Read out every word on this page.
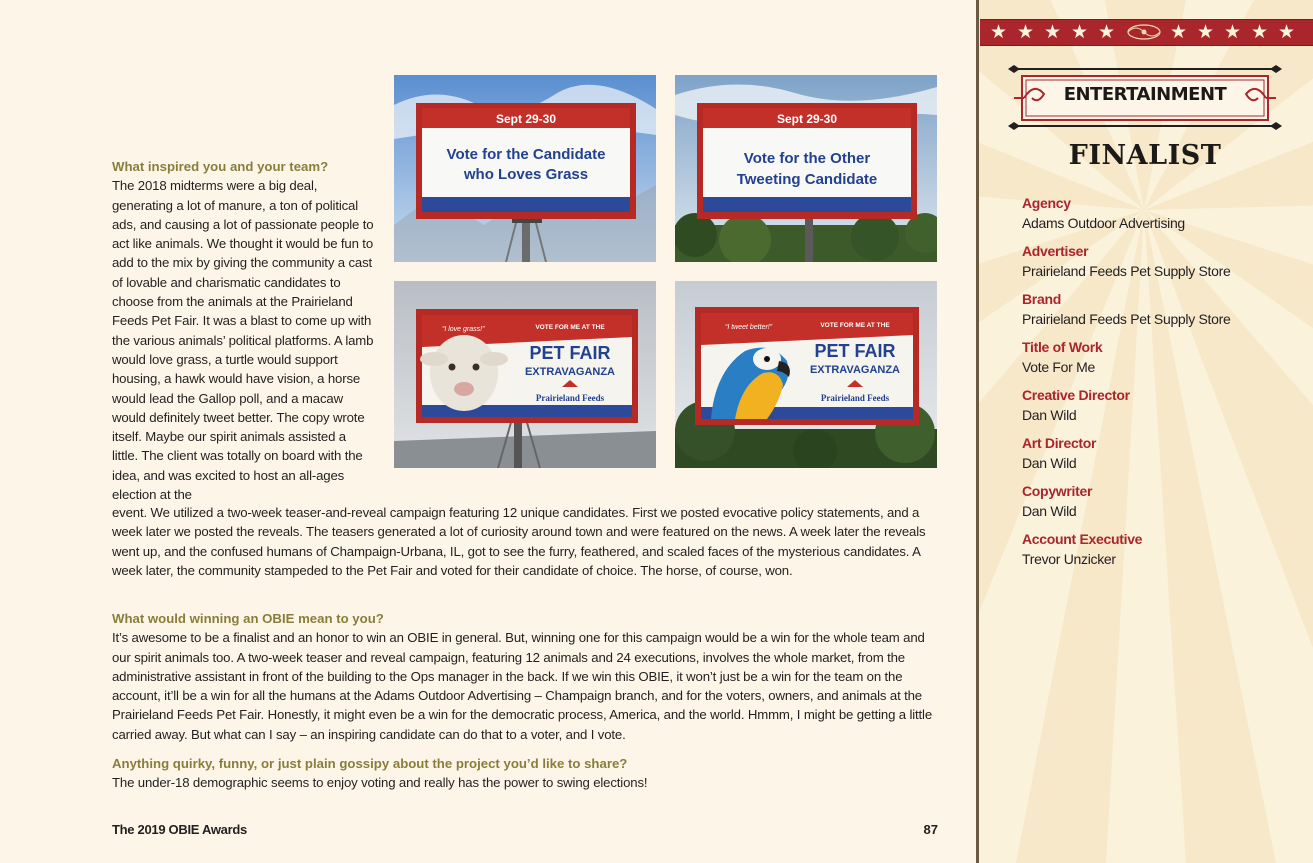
Sept 29-30
Vote for the Candidate
who Loves Grass
Sept 29-30
Vote for the Other
Tweeting Candidate
“I love grass!”	VOTE FOR ME AT THE
PET FAIR
EXTRAVAGANZA
Prairieland Feeds
“I tweet better!”	VOTE FOR ME AT THE
PET FAIR
EXTRAVAGANZA
Prairieland Feeds
What inspired you and your team?
The 2018 midterms were a big deal, generating a lot of manure, a ton of political ads, and causing a lot of passionate people to act like animals. We thought it would be fun to add to the mix by giving the community a cast of lovable and charismatic candidates to choose from the animals at the Prairieland Feeds Pet Fair. It was a blast to come up with the various animals’ political platforms. A lamb would love grass, a turtle would support housing, a hawk would have vision, a horse would lead the Gallop poll, and a macaw would definitely tweet better. The copy wrote itself. Maybe our spirit animals assisted a little. The client was totally on board with the idea, and was excited to host an all-ages election at the
event. We utilized a two-week teaser-and-reveal campaign featuring 12 unique candidates. First we posted evocative policy statements, and a week later we posted the reveals. The teasers generated a lot of curiosity around town and were featured on the news. A week later the reveals went up, and the confused humans of Champaign-Urbana, IL, got to see the furry, feathered, and scaled faces of the mysterious candidates. A week later, the community stampeded to the Pet Fair and voted for their candidate of choice. The horse, of course, won.
What would winning an OBIE mean to you?
It’s awesome to be a finalist and an honor to win an OBIE in general. But, winning one for this campaign would be a win for the whole team and our spirit animals too. A two-week teaser and reveal campaign, featuring 12 animals and 24 executions, involves the whole market, from the administrative assistant in front of the building to the Ops manager in the back. If we win this OBIE, it won’t just be a win for the team on the account, it’ll be a win for all the humans at the Adams Outdoor Advertising – Champaign branch, and for the voters, owners, and animals at the Prairieland Feeds Pet Fair. Honestly, it might even be a win for the democratic process, America, and the world. Hmmm, I might be getting a little carried away. But what can I say – an inspiring candidate can do that to a voter, and I vote.
Anything quirky, funny, or just plain gossipy about the project you’d like to share?
The under-18 demographic seems to enjoy voting and really has the power to swing elections!
The 2019 OBIE Awards	87
★ ★ ★ ★ ★	★ ★ ★ ★ ★
ENTERTAINMENT
FINALIST
Agency
Adams Outdoor Advertising
Advertiser
Prairieland Feeds Pet Supply Store
Brand
Prairieland Feeds Pet Supply Store
Title of Work
Vote For Me
Creative Director
Dan Wild
Art Director
Dan Wild
Copywriter
Dan Wild
Account Executive
Trevor Unzicker
